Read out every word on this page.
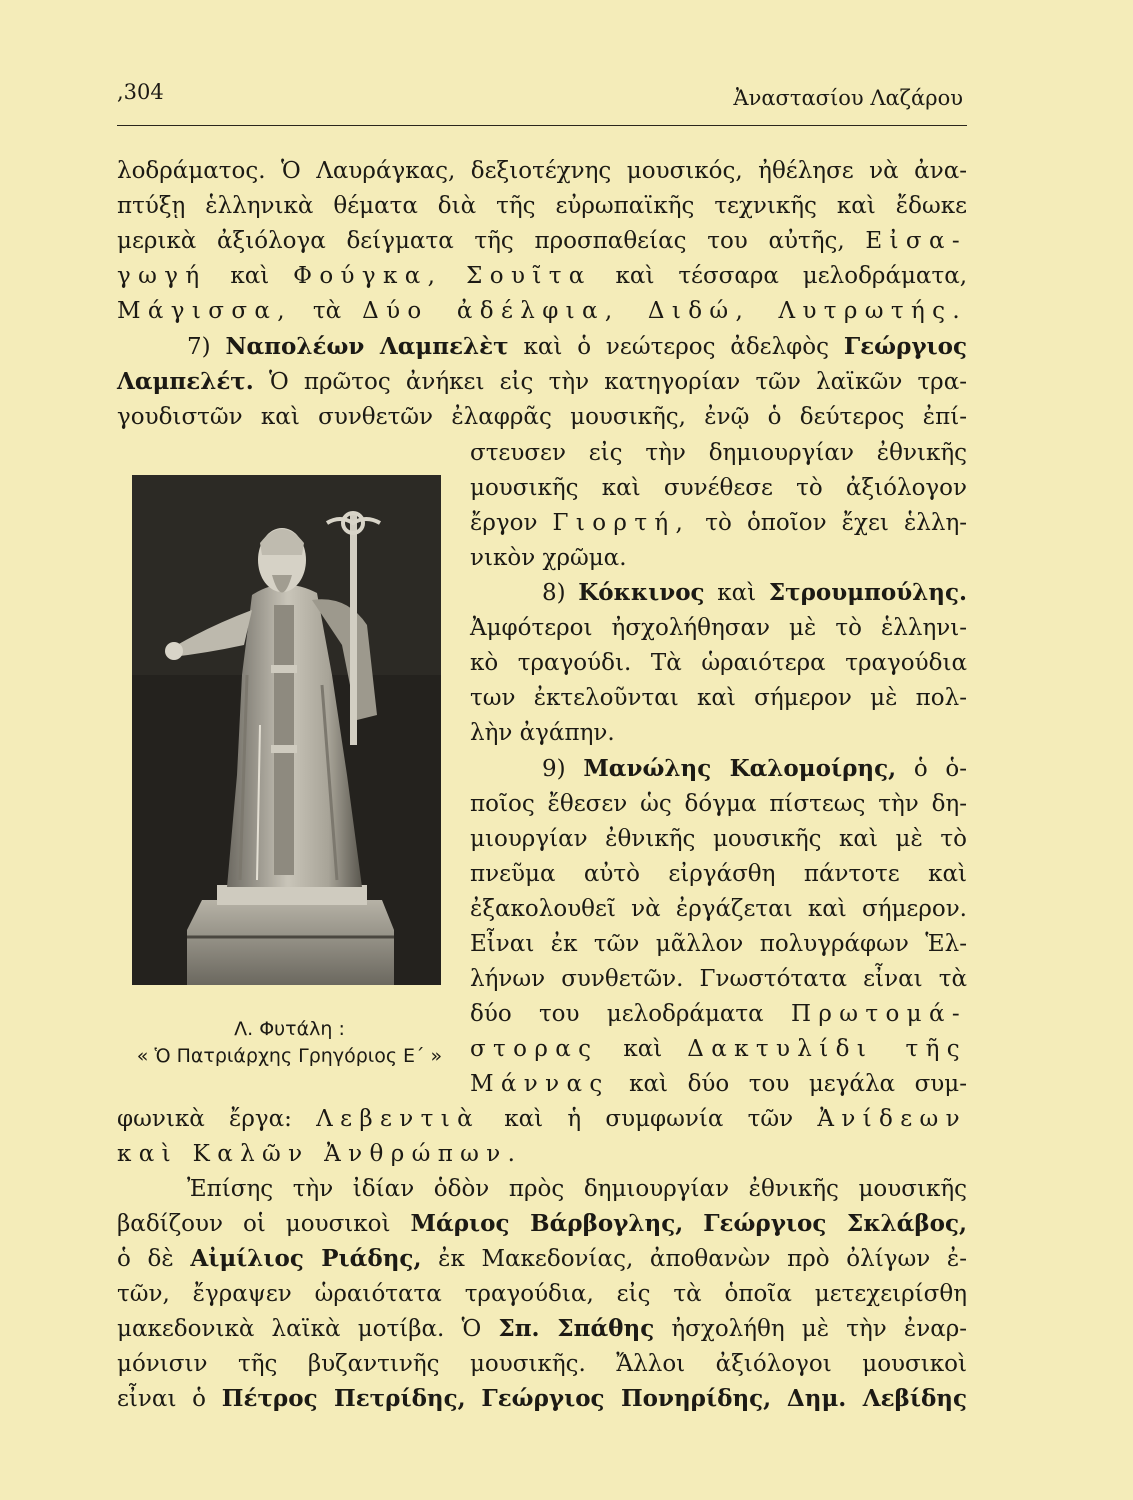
,304	Ἀναστασίου Λαζάρου
λοδράματος. Ὁ Λαυράγκας, δεξιοτέχνης μουσικός, ἠθέλησε νὰ ἀνα-
πτύξῃ ἑλληνικὰ θέματα διὰ τῆς εὐρωπαϊκῆς τεχνικῆς καὶ ἔδωκε
μερικὰ ἀξιόλογα δείγματα τῆς προσπαθείας του αὐτῆς, Εἰσα-
γωγή καὶ Φούγκα, Σουῖτα καὶ τέσσαρα μελοδράματα,
Μάγισσα, τὰ Δύο ἀδέλφια, Διδώ, Λυτρωτής.
7) Ναπολέων Λαμπελὲτ καὶ ὁ νεώτερος ἀδελφὸς Γεώργιος
Λαμπελέτ. Ὁ πρῶτος ἀνήκει εἰς τὴν κατηγορίαν τῶν λαϊκῶν τρα-
γουδιστῶν καὶ συνθετῶν ἐλαφρᾶς μουσικῆς, ἐνῷ ὁ δεύτερος ἐπί-
στευσεν εἰς τὴν δημιουργίαν ἐθνικῆς
μουσικῆς καὶ συνέθεσε τὸ ἀξιόλογον
ἔργον Γιορτή, τὸ ὁποῖον ἔχει ἑλλη-
νικὸν χρῶμα.
8) Κόκκινος καὶ Στρουμπούλης.
Ἀμφότεροι ἠσχολήθησαν μὲ τὸ ἑλληνι-
κὸ τραγούδι. Τὰ ὡραιότερα τραγούδια
των ἐκτελοῦνται καὶ σήμερον μὲ πολ-
λὴν ἀγάπην.
9) Μανώλης Καλομοίρης, ὁ ὁ-
ποῖος ἔθεσεν ὡς δόγμα πίστεως τὴν δη-
μιουργίαν ἐθνικῆς μουσικῆς καὶ μὲ τὸ
πνεῦμα αὐτὸ εἰργάσθη πάντοτε καὶ
ἐξακολουθεῖ νὰ ἐργάζεται καὶ σήμερον.
Εἶναι ἐκ τῶν μᾶλλον πολυγράφων Ἑλ-
λήνων συνθετῶν. Γνωστότατα εἶναι τὰ
δύο του μελοδράματα Πρωτομά-
στορας καὶ Δακτυλίδι τῆς
Μάννας καὶ δύο του μεγάλα συμ-
Λ. Φυτάλη :
« Ὁ Πατριάρχης Γρηγόριος Ε΄ »
φωνικὰ ἔργα: Λεβεντιὰ καὶ ἡ συμφωνία τῶν Ἀνίδεων
καὶ Καλῶν Ἀνθρώπων.
Ἐπίσης τὴν ἰδίαν ὁδὸν πρὸς δημιουργίαν ἐθνικῆς μουσικῆς
βαδίζουν οἱ μουσικοὶ Μάριος Βάρβογλης, Γεώργιος Σκλάβος,
ὁ δὲ Αἰμίλιος Ριάδης, ἐκ Μακεδονίας, ἀποθανὼν πρὸ ὀλίγων ἐ-
τῶν, ἔγραψεν ὡραιότατα τραγούδια, εἰς τὰ ὁποῖα μετεχειρίσθη
μακεδονικὰ λαϊκὰ μοτίβα. Ὁ Σπ. Σπάθης ἠσχολήθη μὲ τὴν ἐναρ-
μόνισιν τῆς βυζαντινῆς μουσικῆς. Ἄλλοι ἀξιόλογοι μουσικοὶ
εἶναι ὁ Πέτρος Πετρίδης, Γεώργιος Πονηρίδης, Δημ. Λεβίδης
